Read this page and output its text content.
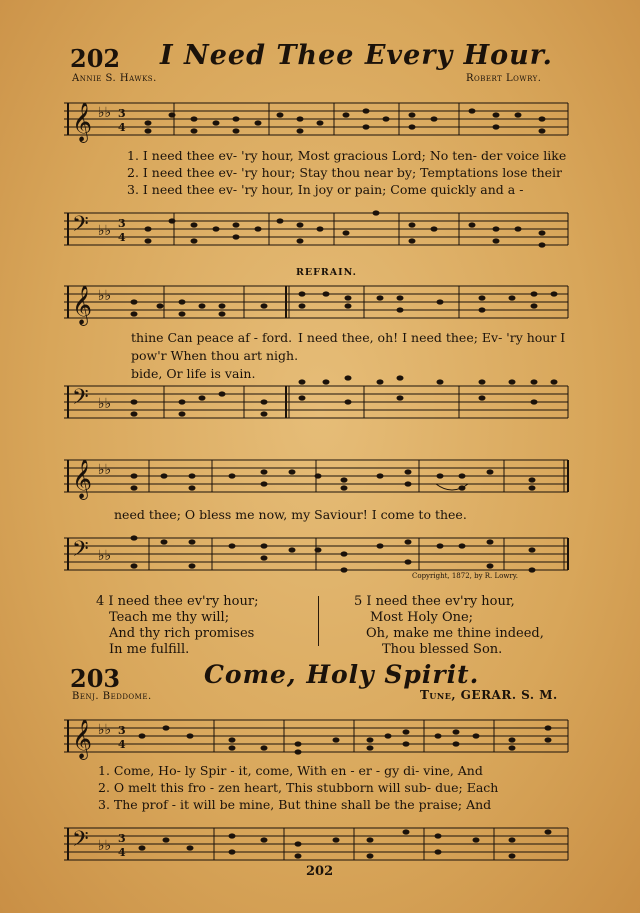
202 I Need Thee Every Hour.
Annie S. Hawks.	Robert Lowry.
𝄞 ♭♭ 3
4
1. I need thee ev- 'ry hour, Most gracious Lord; No ten- der voice like
2. I need thee ev- 'ry hour; Stay thou near by; Temptations lose their
3. I need thee ev- 'ry hour, In joy or pain; Come quickly and a -
𝄢 ♭♭ 3
4
REFRAIN.
𝄞 ♭♭
thine Can peace af - ford.
pow'r When thou art nigh.
bide, Or life is vain.
I need thee, oh! I need thee; Ev- 'ry hour I
𝄢 ♭♭
𝄞 ♭♭
need thee; O bless me now, my Saviour! I come to thee.
𝄢 ♭♭
Copyright, 1872, by R. Lowry.
4 I need thee ev'ry hour;
Teach me thy will;
And thy rich promises
In me fulfill.
5 I need thee ev'ry hour,
Most Holy One;
Oh, make me thine indeed,
Thou blessed Son.
203	Come, Holy Spirit.
Benj. Beddome.	Tune, GERAR. S. M.
𝄞 ♭♭ 3
4
1. Come, Ho- ly Spir - it, come, With en - er - gy di- vine, And
2. O melt this fro - zen heart, This stubborn will sub- due; Each
3. The prof - it will be mine, But thine shall be the praise; And
𝄢 ♭♭ 3
4
202
